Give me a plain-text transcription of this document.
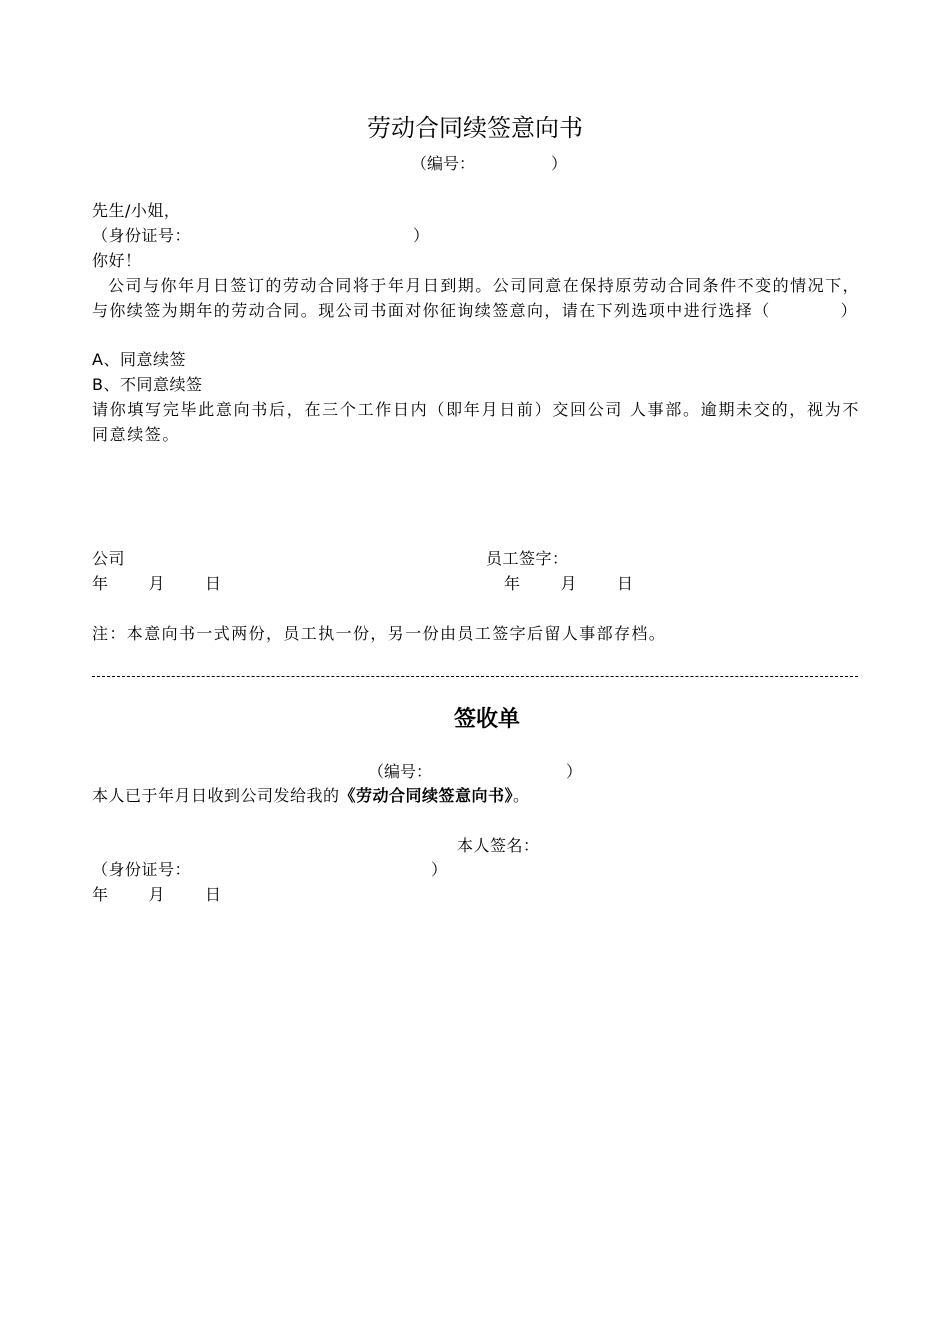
劳动合同续签意向书
（编号：	）
先生/小姐，
（身份证号：	）
你好！
公司与你年月日签订的劳动合同将于年月日到期。公司同意在保持原劳动合同条件不变的情况下，与你续签为期年的劳动合同。现公司书面对你征询续签意向，请在下列选项中进行选择（	）
A、同意续签
B、不同意续签
请你填写完毕此意向书后，在三个工作日内（即年月日前）交回公司 人事部。逾期未交的，视为不同意续签。
公司	员工签字：
年	月	日	年	月	日
注：本意向书一式两份，员工执一份，另一份由员工签字后留人事部存档。
签收单
（编号：	）
本人已于年月日收到公司发给我的《劳动合同续签意向书》。
本人签名：
（身份证号：	）
年	月	日
